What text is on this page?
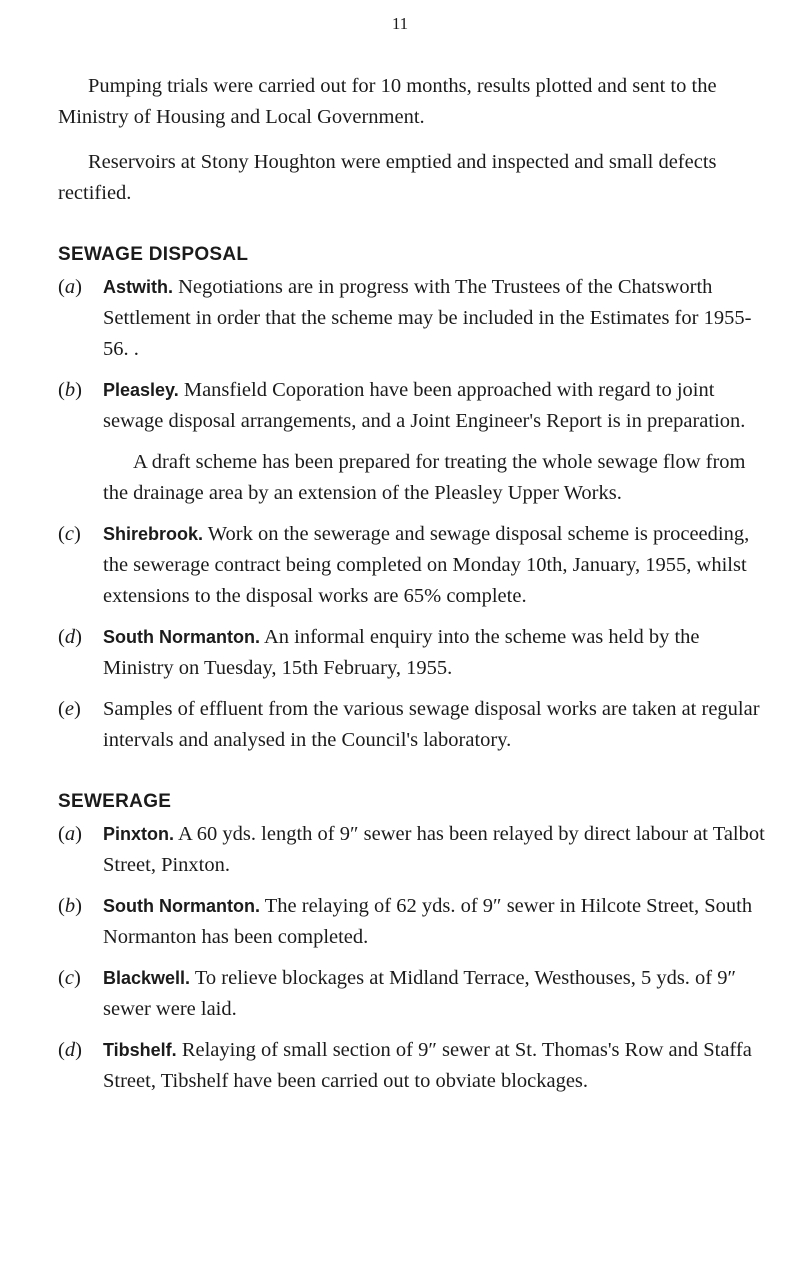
11

Pumping trials were carried out for 10 months, results plotted and sent to the Ministry of Housing and Local Government.

Reservoirs at Stony Houghton were emptied and inspected and small defects rectified.

SEWAGE DISPOSAL
(a)	Astwith. Negotiations are in progress with The Trustees of the Chatsworth Settlement in order that the scheme may be included in the Estimates for 1955-56. .
(b)	Pleasley. Mansfield Coporation have been approached with regard to joint sewage disposal arrangements, and a Joint Engineer's Report is in preparation.

A draft scheme has been prepared for treating the whole sewage flow from the drainage area by an extension of the Pleasley Upper Works.

(c)	Shirebrook. Work on the sewerage and sewage disposal scheme is proceeding, the sewerage contract being completed on Monday 10th, January, 1955, whilst extensions to the disposal works are 65% complete.
(d)	South Normanton. An informal enquiry into the scheme was held by the Ministry on Tuesday, 15th February, 1955.
(e)	Samples of effluent from the various sewage disposal works are taken at regular intervals and analysed in the Council's laboratory.
SEWERAGE
(a)	Pinxton. A 60 yds. length of 9″ sewer has been relayed by direct labour at Talbot Street, Pinxton.
(b)	South Normanton. The relaying of 62 yds. of 9″ sewer in Hilcote Street, South Normanton has been completed.
(c)	Blackwell. To relieve blockages at Midland Terrace, Westhouses, 5 yds. of 9″ sewer were laid.
(d)	Tibshelf. Relaying of small section of 9″ sewer at St. Thomas's Row and Staffa Street, Tibshelf have been carried out to obviate blockages.
